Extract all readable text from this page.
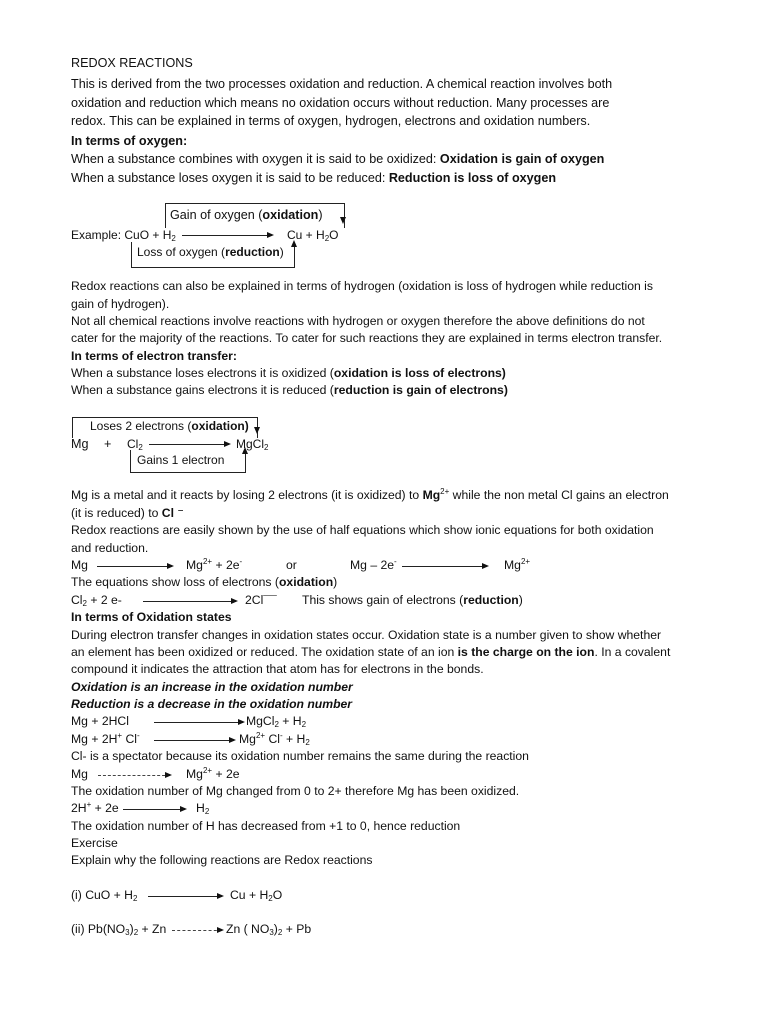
REDOX REACTIONS
This is derived from the two processes oxidation and reduction. A chemical reaction involves both
oxidation and reduction which means no oxidation occurs without reduction. Many processes are
redox. This can be explained in terms of oxygen, hydrogen, electrons and oxidation numbers.
In terms of oxygen:
When a substance combines with oxygen it is said to be oxidized: Oxidation is gain of oxygen
When a substance loses oxygen it is said to be reduced: Reduction is loss of oxygen
Gain of oxygen (oxidation)
Example: CuO + $H_2$	$Cu + H_2O$
Loss of oxygen (reduction)
Redox reactions can also be explained in terms of hydrogen (oxidation is loss of hydrogen while reduction is
gain of hydrogen).
Not all chemical reactions involve reactions with hydrogen or oxygen therefore the above definitions do not
cater for the majority of the reactions. To cater for such reactions they are explained in terms electron transfer.
In terms of electron transfer:
When a substance loses electrons it is oxidized (oxidation is loss of electrons)
When a substance gains electrons it is reduced (reduction is gain of electrons)
Loses 2 electrons (oxidation)
$Mg + Cl_2$	MgCl$_2$
Gains 1 electron
Mg is a metal and it reacts by losing 2 electrons (it is oxidized) to $Mg^{2+}$ while the non metal Cl gains an electron
(it is reduced) to Cl ⁻
Redox reactions are easily shown by the use of half equations which show ionic equations for both oxidation
and reduction.
Mg	$Mg^{2+} + 2e^-$	or	Mg – 2e-	$Mg^{2+}$
The equations show loss of electrons (oxidation)
$Cl_2 + 2$ e-	2Cl¯¯ This shows gain of electrons (reduction)
In terms of Oxidation states
During electron transfer changes in oxidation states occur. Oxidation state is a number given to show whether
an element has been oxidized or reduced. The oxidation state of an ion is the charge on the ion. In a covalent
compound it indicates the attraction that atom has for electrons in the bonds.
Oxidation is an increase in the oxidation number
Reduction is a decrease in the oxidation number
Mg + 2HCl	MgCl$_2$ + $H_2$
Mg + 2H+ Cl-	$Mg^{2+}$ $Cl^- + H_2$
Cl- is a spectator because its oxidation number remains the same during the reaction
Mg	$Mg^{2+} + 2e$
The oxidation number of Mg changed from 0 to 2+ therefore Mg has been oxidized.
$2H^+ + 2e \to H_2$
The oxidation number of H has decreased from +1 to 0, hence reduction
Exercise
Explain why the following reactions are Redox reactions
(i) CuO + $H_2$	$Cu + H_2O$
(ii) $Pb(NO_3)_2 + Zn \to Zn$ ( $NO_3)_2 + Pb$
